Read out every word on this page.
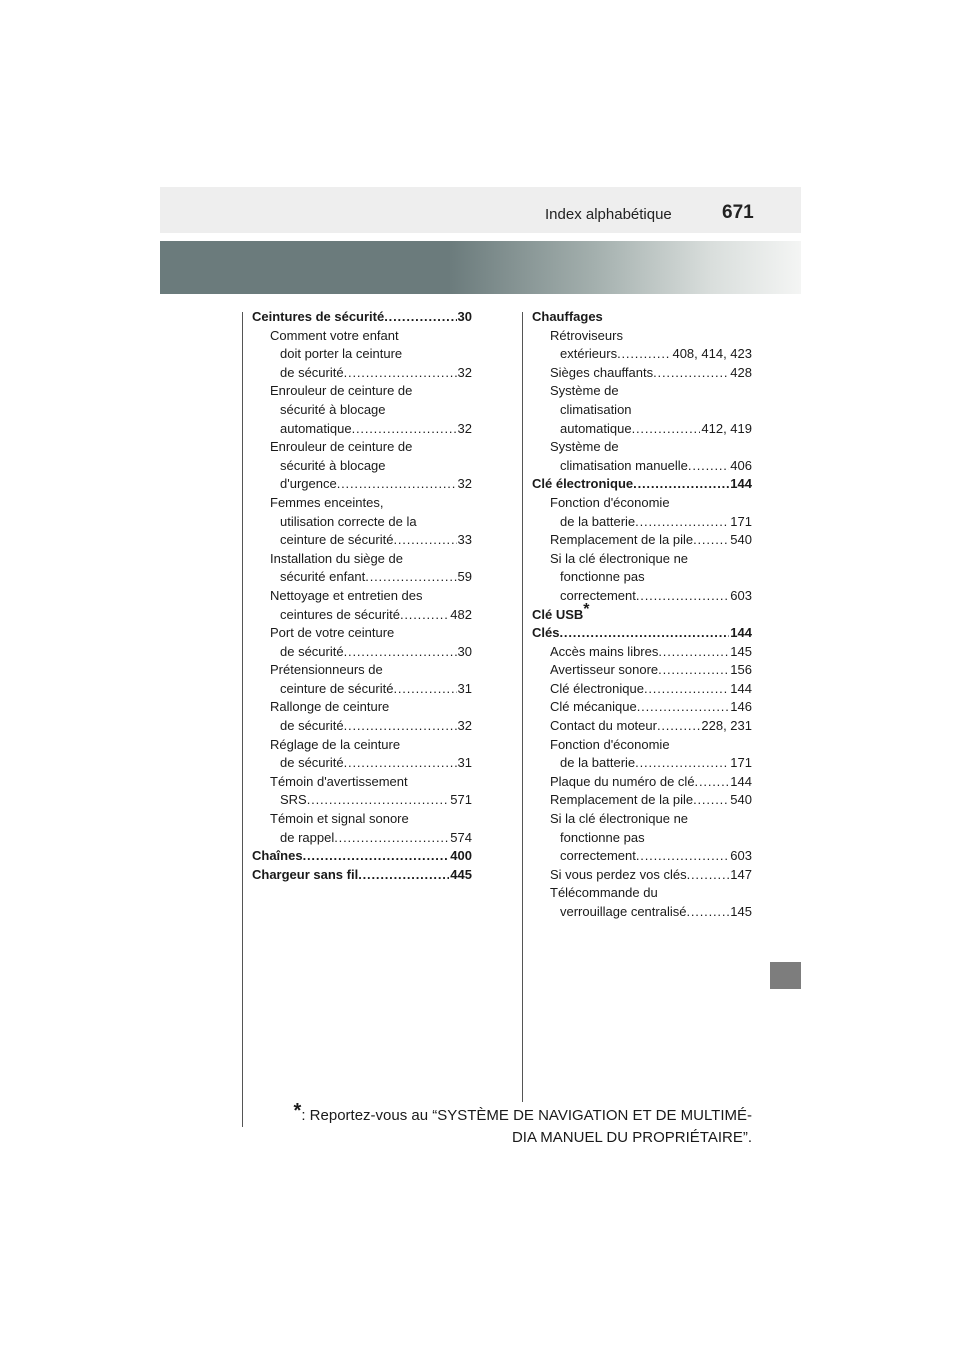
Index alphabétique	671
Ceintures de sécurité . . .	30
Comment votre enfant
doit porter la ceinture
de sécurité . . .	32
Enrouleur de ceinture de
sécurité à blocage
automatique . . .	32
Enrouleur de ceinture de
sécurité à blocage
d'urgence . . .	32
Femmes enceintes,
utilisation correcte de la
ceinture de sécurité . . .	33
Installation du siège de
sécurité enfant . . .	59
Nettoyage et entretien des
ceintures de sécurité . . .	482
Port de votre ceinture
de sécurité . . .	30
Prétensionneurs de
ceinture de sécurité . . .	31
Rallonge de ceinture
de sécurité . . .	32
Réglage de la ceinture
de sécurité . . .	31
Témoin d'avertissement
SRS . . .	571
Témoin et signal sonore
de rappel . . .	574
Chaînes . . .	400
Chargeur sans fil . . .	445
Chauffages
Rétroviseurs
extérieurs . . .	408, 414, 423
Sièges chauffants . . .	428
Système de
climatisation
automatique . . .	412, 419
Système de
climatisation manuelle . . .	406
Clé électronique . . .	144
Fonction d'économie
de la batterie . . .	171
Remplacement de la pile . . .	540
Si la clé électronique ne
fonctionne pas
correctement . . .	603
Clé USB*
Clés . . .	144
Accès mains libres . . .	145
Avertisseur sonore . . .	156
Clé électronique . . .	144
Clé mécanique . . .	146
Contact du moteur . . .	228, 231
Fonction d'économie
de la batterie . . .	171
Plaque du numéro de clé . . .	144
Remplacement de la pile . . .	540
Si la clé électronique ne
fonctionne pas
correctement . . .	603
Si vous perdez vos clés . . .	147
Télécommande du
verrouillage centralisé . . .	145
*: Reportez-vous au “SYSTÈME DE NAVIGATION ET DE MULTIMÉ-
DIA MANUEL DU PROPRIÉTAIRE”.
